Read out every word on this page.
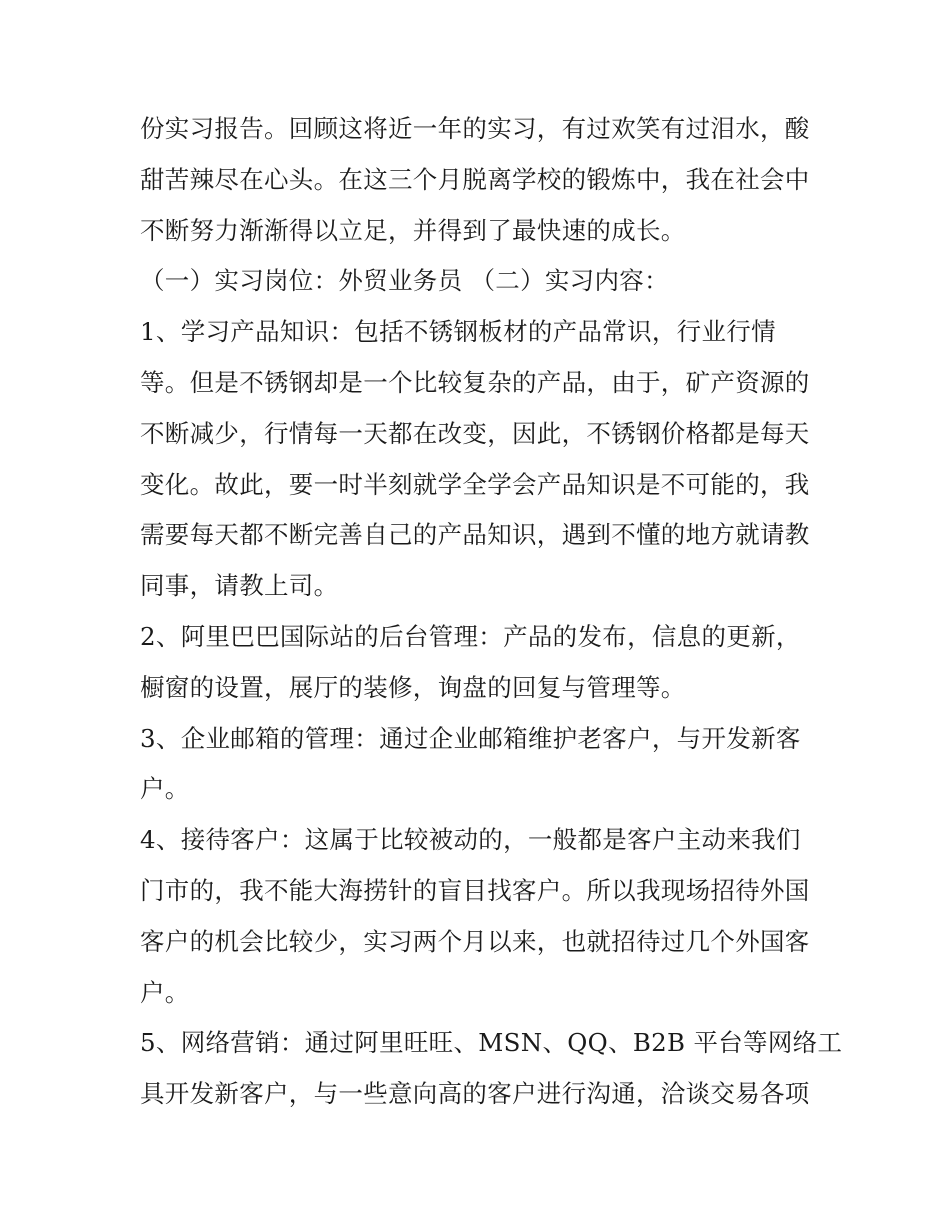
份实习报告。回顾这将近一年的实习，有过欢笑有过泪水，酸
甜苦辣尽在心头。在这三个月脱离学校的锻炼中，我在社会中
不断努力渐渐得以立足，并得到了最快速的成长。
（一）实习岗位：外贸业务员 （二）实习内容：
1、学习产品知识：包括不锈钢板材的产品常识，行业行情
等。但是不锈钢却是一个比较复杂的产品，由于，矿产资源的
不断减少，行情每一天都在改变，因此，不锈钢价格都是每天
变化。故此，要一时半刻就学全学会产品知识是不可能的，我
需要每天都不断完善自己的产品知识，遇到不懂的地方就请教
同事，请教上司。
2、阿里巴巴国际站的后台管理：产品的发布，信息的更新，
橱窗的设置，展厅的装修，询盘的回复与管理等。
3、企业邮箱的管理：通过企业邮箱维护老客户，与开发新客
户。
4、接待客户：这属于比较被动的，一般都是客户主动来我们
门市的，我不能大海捞针的盲目找客户。所以我现场招待外国
客户的机会比较少，实习两个月以来，也就招待过几个外国客
户。
5、网络营销：通过阿里旺旺、MSN、QQ、B2B 平台等网络工
具开发新客户，与一些意向高的客户进行沟通，洽谈交易各项
